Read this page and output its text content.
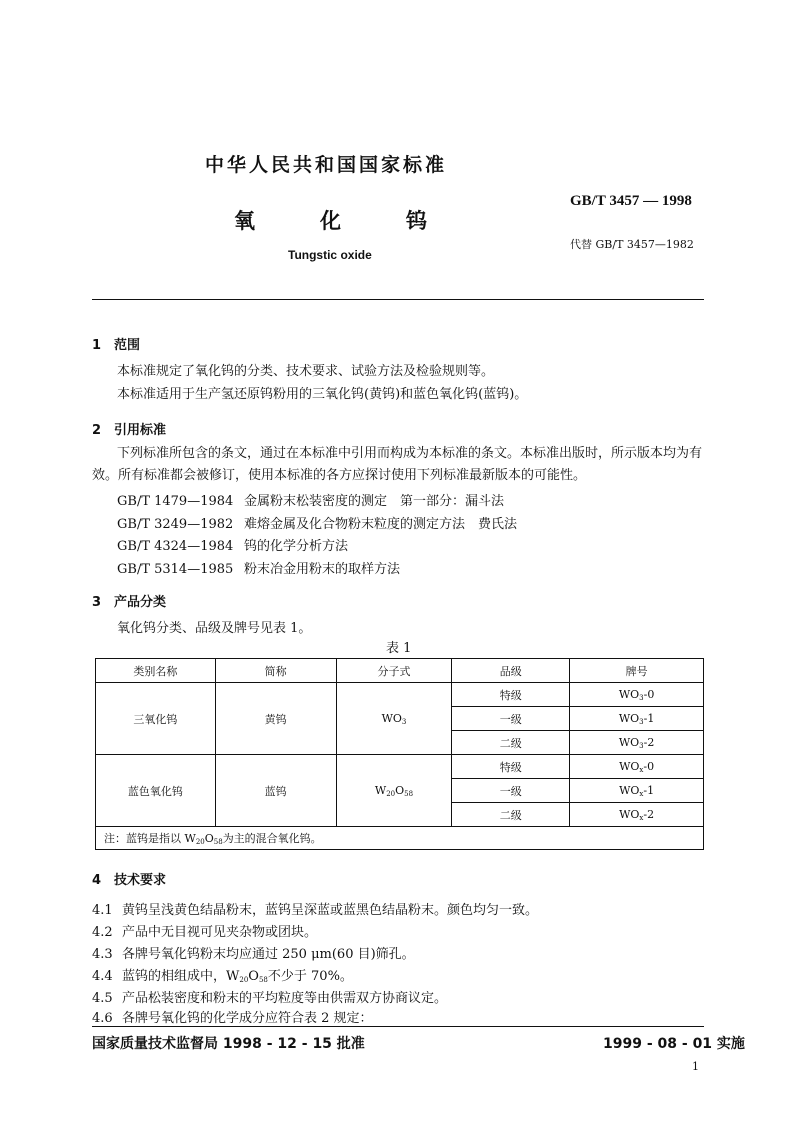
中华人民共和国国家标准
GB/T 3457 — 1998
氧	化	钨
代替 GB/T 3457—1982
Tungstic oxide
1 范围
本标准规定了氧化钨的分类、技术要求、试验方法及检验规则等。
本标准适用于生产氢还原钨粉用的三氧化钨(黄钨)和蓝色氧化钨(蓝钨)。
2 引用标准
下列标准所包含的条文，通过在本标准中引用而构成为本标准的条文。本标准出版时，所示版本均为有效。所有标准都会被修订，使用本标准的各方应探讨使用下列标准最新版本的可能性。
GB/T 1479—1984 金属粉末松装密度的测定　第一部分：漏斗法
GB/T 3249—1982 难熔金属及化合物粉末粒度的测定方法　费氏法
GB/T 4324—1984 钨的化学分析方法
GB/T 5314—1985 粉末冶金用粉末的取样方法
3 产品分类
氧化钨分类、品级及牌号见表 1。
表 1
类别名称	简称	分子式	品级	牌号
三氧化钨	黄钨	$WO_3$	特级	$WO_3-0$
			一级	$WO_3-1$
			二级	$WO_3-2$
蓝色氧化钨	蓝钨	$W_{20}O_{58}$	特级	$WO_x-0$
			一级	$WO_x-1$
			二级	$WO_x-2$
注：蓝钨是指以 $W_{20}O_{58}$为主的混合氧化钨。				
4 技术要求
4.1 黄钨呈浅黄色结晶粉末，蓝钨呈深蓝或蓝黑色结晶粉末。颜色均匀一致。
4.2 产品中无目视可见夹杂物或团块。
4.3 各牌号氧化钨粉末均应通过 250 μm(60 目)筛孔。
4.4 蓝钨的相组成中，$W_{20}O_{58}$不少于 70%。
4.5 产品松装密度和粉末的平均粒度等由供需双方协商议定。
4.6 各牌号氧化钨的化学成分应符合表 2 规定：
国家质量技术监督局 1998 - 12 - 15 批准	1999 - 08 - 01 实施
1
